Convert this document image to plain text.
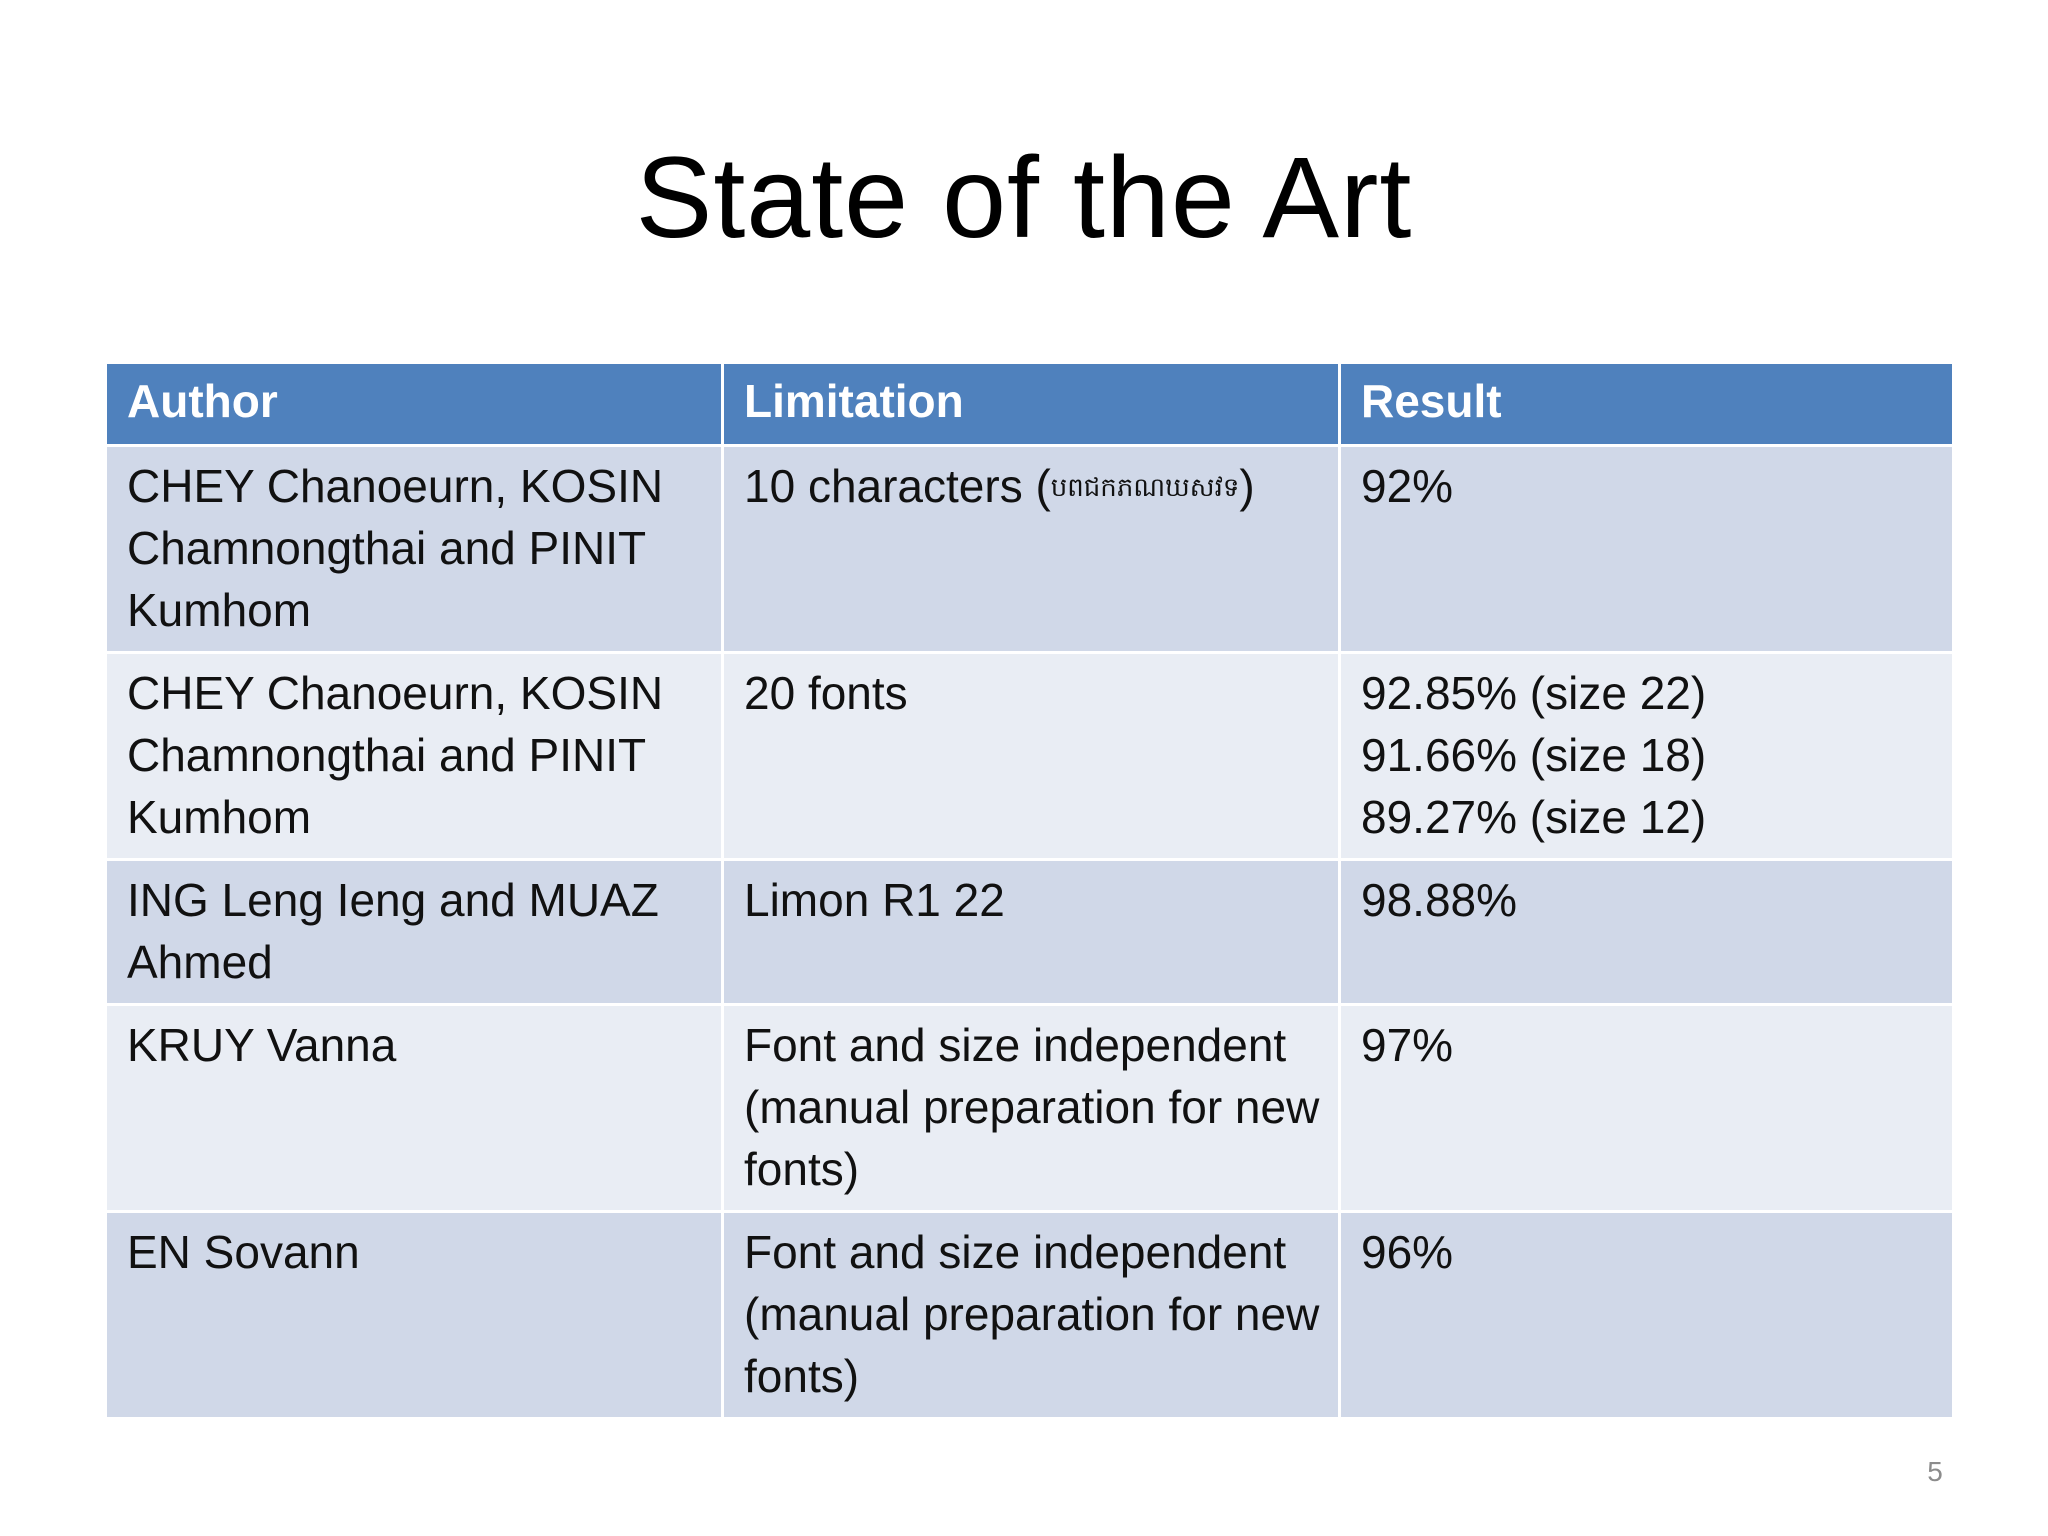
State of the Art
Author	Limitation	Result
CHEY Chanoeurn, KOSIN Chamnongthai and PINIT Kumhom	10 characters (បពជកភណឃសវទ)	92%

CHEY Chanoeurn, KOSIN Chamnongthai and PINIT Kumhom	20 fonts	92.85% (size 22)
91.66% (size 18)
89.27% (size 12)

ING Leng Ieng and MUAZ Ahmed	Limon R1 22	98.88%

KRUY Vanna	Font and size independent (manual preparation for new fonts)	97%

EN Sovann	Font and size independent (manual preparation for new fonts)	96%
5
